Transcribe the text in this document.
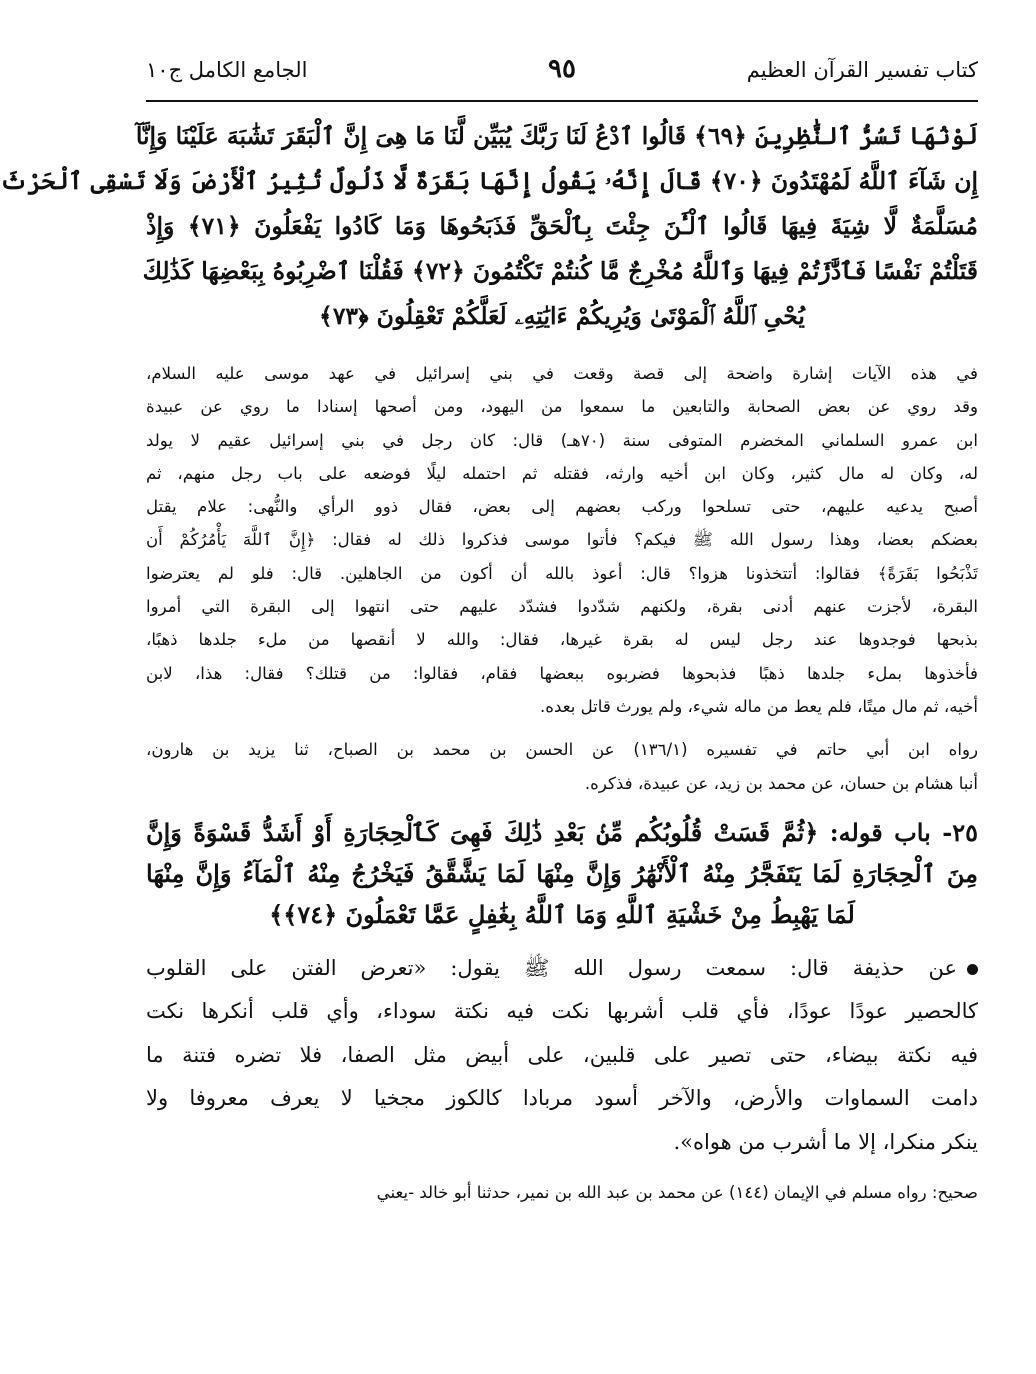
كتاب تفسير القرآن العظيم
٩٥
الجامع الكامل ج١٠
لَوْنُهَا تَسُرُّ ٱلنَّٰظِرِينَ ﴿٦٩﴾ قَالُوا ٱدْعُ لَنَا رَبَّكَ يُبَيِّن لَّنَا مَا هِىَ إِنَّ ٱلْبَقَرَ تَشَٰبَهَ عَلَيْنَا وَإِنَّآ
إِن شَآءَ ٱللَّهُ لَمُهْتَدُونَ ﴿٧٠﴾ قَالَ إِنَّهُۥ يَقُولُ إِنَّهَا بَقَرَةٌ لَّا ذَلُولٌ تُثِيرُ ٱلْأَرْضَ وَلَا تَسْقِى ٱلْحَرْثَ
مُسَلَّمَةٌ لَّا شِيَةَ فِيهَا قَالُوا ٱلْـَٰٔنَ جِئْتَ بِٱلْحَقِّ فَذَبَحُوهَا وَمَا كَادُوا يَفْعَلُونَ ﴿٧١﴾ وَإِذْ
قَتَلْتُمْ نَفْسًا فَٱدَّٰرَٰٔتُمْ فِيهَا وَٱللَّهُ مُخْرِجٌ مَّا كُنتُمْ تَكْتُمُونَ ﴿٧٢﴾ فَقُلْنَا ٱضْرِبُوهُ بِبَعْضِهَا كَذَٰلِكَ
يُحْىِ ٱللَّهُ ٱلْمَوْتَىٰ وَيُرِيكُمْ ءَايَٰتِهِۦ لَعَلَّكُمْ تَعْقِلُونَ ﴿٧٣﴾
في هذه الآيات إشارة واضحة إلى قصة وقعت في بني إسرائيل في عهد موسى عليه السلام،
وقد روي عن بعض الصحابة والتابعين ما سمعوا من اليهود، ومن أصحها إسنادا ما روي عن عبيدة
ابن عمرو السلماني المخضرم المتوفى سنة (٧٠هـ) قال: كان رجل في بني إسرائيل عقيم لا يولد
له، وكان له مال كثير، وكان ابن أخيه وارثه، فقتله ثم احتمله ليلًا فوضعه على باب رجل منهم، ثم
أصبح يدعيه عليهم، حتى تسلحوا وركب بعضهم إلى بعض، فقال ذوو الرأي والنُّهى: علام يقتل
بعضكم بعضا، وهذا رسول الله ﷺ فيكم؟ فأتوا موسى فذكروا ذلك له فقال: ﴿إِنَّ ٱللَّهَ يَأْمُرُكُمْ أَن
تَذْبَحُوا بَقَرَةً﴾ فقالوا: أتتخذونا هزوا؟ قال: أعوذ بالله أن أكون من الجاهلين. قال: فلو لم يعترضوا
البقرة، لأجزت عنهم أدنى بقرة، ولكنهم شدّدوا فشدّد عليهم حتى انتهوا إلى البقرة التي أمروا
بذبحها فوجدوها عند رجل ليس له بقرة غيرها، فقال: والله لا أنقصها من ملء جلدها ذهبًا،
فأخذوها بملء جلدها ذهبًا فذبحوها فضربوه ببعضها فقام، فقالوا: من قتلك؟ فقال: هذا، لابن
أخيه، ثم مال ميتًا، فلم يعط من ماله شيء، ولم يورث قاتل بعده.
رواه ابن أبي حاتم في تفسيره (١٣٦/١) عن الحسن بن محمد بن الصباح، ثنا يزيد بن هارون،
أنبا هشام بن حسان، عن محمد بن زيد، عن عبيدة، فذكره.
٢٥- باب قوله: ﴿ثُمَّ قَسَتْ قُلُوبُكُم مِّنۢ بَعْدِ ذَٰلِكَ فَهِىَ كَٱلْحِجَارَةِ أَوْ أَشَدُّ قَسْوَةً وَإِنَّ
مِنَ ٱلْحِجَارَةِ لَمَا يَتَفَجَّرُ مِنْهُ ٱلْأَنْهَٰرُ وَإِنَّ مِنْهَا لَمَا يَشَّقَّقُ فَيَخْرُجُ مِنْهُ ٱلْمَآءُ وَإِنَّ مِنْهَا
لَمَا يَهْبِطُ مِنْ خَشْيَةِ ٱللَّهِ وَمَا ٱللَّهُ بِغَٰفِلٍ عَمَّا تَعْمَلُونَ ﴿٧٤﴾﴾
عن حذيفة قال: سمعت رسول الله ﷺ يقول: «تعرض الفتن على القلوب
كالحصير عودًا عودًا، فأي قلب أشربها نكت فيه نكتة سوداء، وأي قلب أنكرها نكت
فيه نكتة بيضاء، حتى تصير على قلبين، على أبيض مثل الصفا، فلا تضره فتنة ما
دامت السماوات والأرض، والآخر أسود مربادا كالكوز مجخيا لا يعرف معروفا ولا
ينكر منكرا، إلا ما أشرب من هواه».
صحيح: رواه مسلم في الإيمان (١٤٤) عن محمد بن عبد الله بن نمير، حدثنا أبو خالد -يعني
